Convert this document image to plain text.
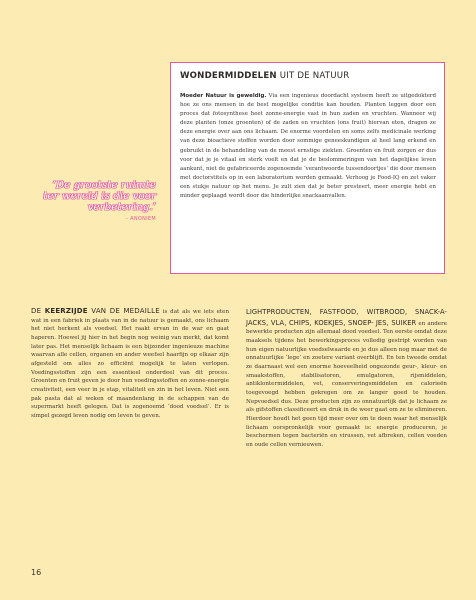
WONDERMIDDELEN UIT DE NATUUR

Moeder Natuur is geweldig. Via een ingenieus doordacht systeem heeft ze uitgedokterd hoe ze ons mensen in de best mogelijke conditie kan houden. Planten leggen door een proces dat fotosynthese heet zonne-energie vast in hun zaden en vruchten. Wanneer wij deze planten (onze groenten) of de zaden en vruchten (ons fruit) hiervan eten, dragen ze deze energie over aan ons lichaam. De enorme voordelen en soms zelfs medicinale werking van deze bioactieve stoffen worden door sommige geneeskundigen al heel lang erkend en gebruikt in de behandeling van de meest ernstige ziekten. Groenten en fruit zorgen er dus voor dat je je vitaal en sterk voelt en dat je de beslommeringen van het dagelijkse leven aankunt, niet de gefabriceerde zogenoemde ‘verantwoorde tussendoortjes’ die door mensen met doctorstitels op in een laboratorium worden gemaakt. Verhoog je Food-IQ en zet vaker een stukje natuur op het menu. Je zult zien dat je beter presteert, meer energie hebt en minder geplaagd wordt door die hinderlijke snackaanvallen.

‘De grootste ruimte ter wereld is die voor verbetering.’

– ANONIEM

DE KEERZIJDE VAN DE MEDAILLE is dat als we iets eten wat in een fabriek in plaats van in de natuur is gemaakt, ons lichaam het niet herkent als voedsel. Het raakt ervan in de war en gaat haperen. Hoewel jij hier in het begin nog weinig van merkt, dat komt later pas. Het menselijk lichaam is een bijzonder ingenieuze machine waarvan alle cellen, organen en ander weefsel haarfijn op elkaar zijn afgesteld om alles zo efficiënt mogelijk te laten verlopen. Voedingsstoffen zijn een essentieel onderdeel van dit proces. Groenten en fruit geven je door hun voedingsstoffen en zonne-energie creativiteit, een veer in je stap, vitaliteit en zin in het leven. Niet een pak pasta dat al weken of maandenlang in de schappen van de supermarkt heeft gelegen. Dat is zogenoemd ‘dood voedsel’. Er is simpel gezegd leven nodig om leven te geven.

LIGHTPRODUCTEN, FASTFOOD, WITBROOD, SNACK-A-JACKS, VLA, CHIPS, KOEKJES, SNOEP- JES, SUIKER en andere bewerkte producten zijn allemaal dood voedsel. Ten eerste omdat deze maaksels tijdens het bewerkingsproces volledig gestript worden van hun eigen natuurlijke voedselwaarde en je dus alleen nog maar met de onnatuurlijke ‘lege’ en zoetere variant overblijft. En ten tweede omdat ze daarnaast wel een enorme hoeveelheid ongezonde geur-, kleur- en smaakstoffen, stabilisatoren, emulgatoren, rijsmiddelen, antiklontermiddelen, vet, conserveringsmiddelen en calorieën toegevoegd hebben gekregen om ze langer goed te houden. Nepvoedsel dus. Deze producten zijn zo onnatuurlijk dat je lichaam ze als gifstoffen classificeert en druk in de weer gaat om ze te elimineren. Hierdoor houdt het geen tijd meer over om te doen waar het menselijk lichaam oorspronkelijk voor gemaakt is: energie produceren, je beschermen tegen bacteriën en virussen, vet afbreken, cellen voeden en oude cellen vernieuwen.

16
